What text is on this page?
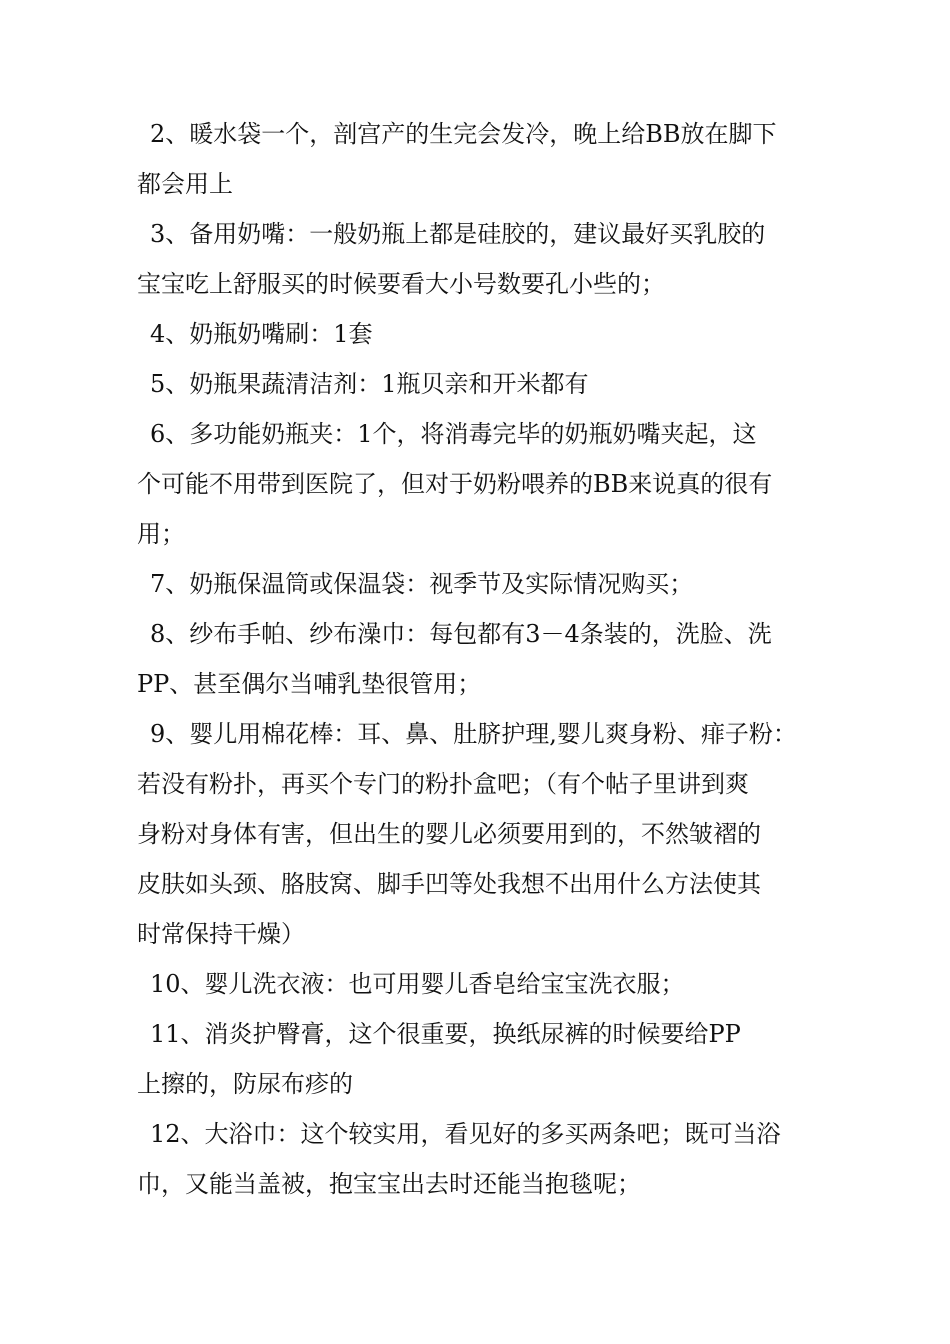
2、暖水袋一个，剖宫产的生完会发冷，晚上给BB放在脚下
都会用上
3、备用奶嘴：一般奶瓶上都是硅胶的，建议最好买乳胶的
宝宝吃上舒服买的时候要看大小号数要孔小些的；
4、奶瓶奶嘴刷：1套
5、奶瓶果蔬清洁剂：1瓶贝亲和开米都有
6、多功能奶瓶夹：1个，将消毒完毕的奶瓶奶嘴夹起，这
个可能不用带到医院了，但对于奶粉喂养的BB来说真的很有
用；
7、奶瓶保温筒或保温袋：视季节及实际情况购买；
8、纱布手帕、纱布澡巾：每包都有3－4条装的，洗脸、洗
PP、甚至偶尔当哺乳垫很管用；
9、婴儿用棉花棒：耳、鼻、肚脐护理,婴儿爽身粉、痱子粉：
若没有粉扑，再买个专门的粉扑盒吧；（有个帖子里讲到爽
身粉对身体有害，但出生的婴儿必须要用到的，不然皱褶的
皮肤如头颈、胳肢窝、脚手凹等处我想不出用什么方法使其
时常保持干燥）
10、婴儿洗衣液：也可用婴儿香皂给宝宝洗衣服；
11、消炎护臀膏，这个很重要，换纸尿裤的时候要给PP
上擦的，防尿布疹的
12、大浴巾：这个较实用，看见好的多买两条吧；既可当浴
巾，又能当盖被，抱宝宝出去时还能当抱毯呢；
